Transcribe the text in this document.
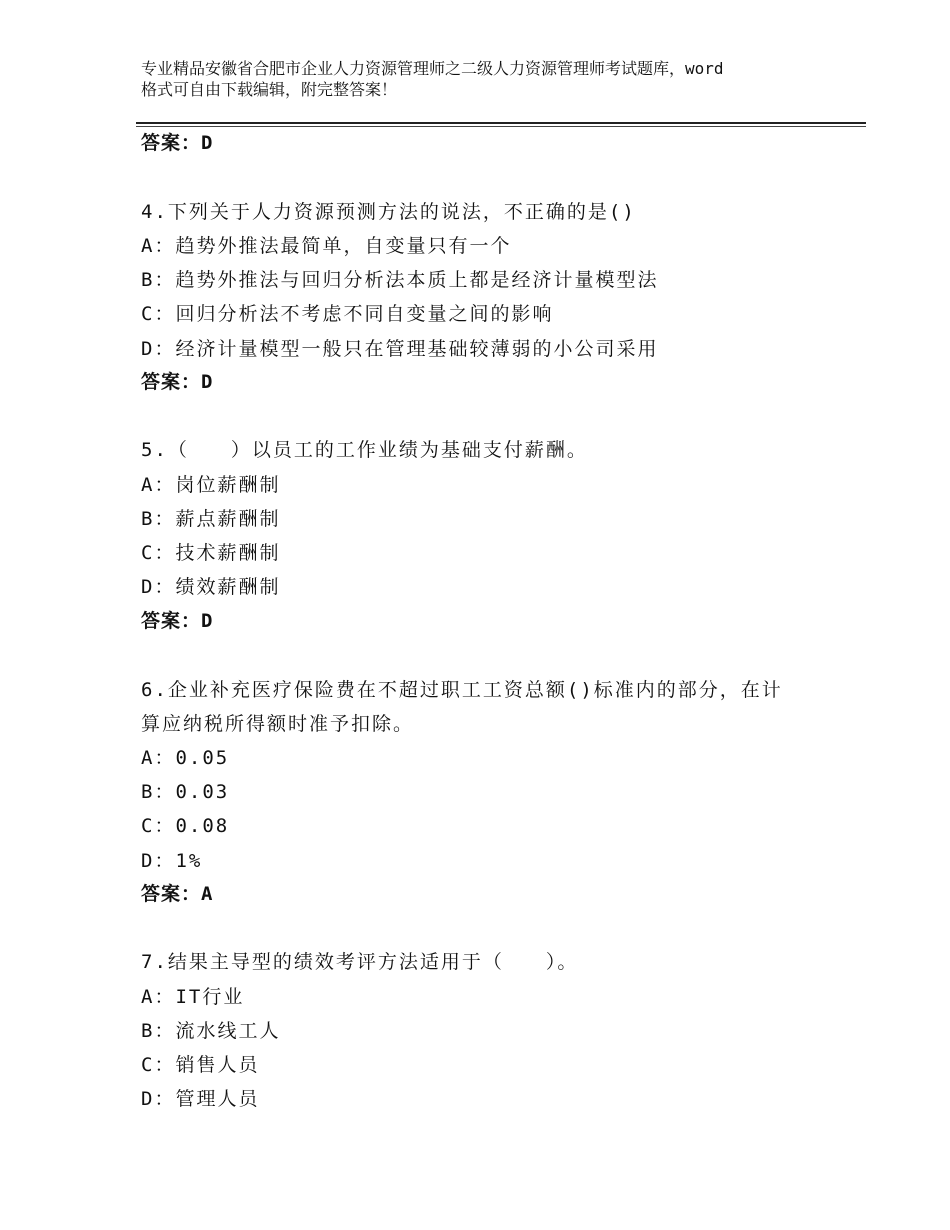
专业精品安徽省合肥市企业人力资源管理师之二级人力资源管理师考试题库，word
格式可自由下载编辑，附完整答案！
答案：D
4.下列关于人力资源预测方法的说法，不正确的是()
A：趋势外推法最简单，自变量只有一个
B：趋势外推法与回归分析法本质上都是经济计量模型法
C：回归分析法不考虑不同自变量之间的影响
D：经济计量模型一般只在管理基础较薄弱的小公司采用
答案：D
5.（　　）以员工的工作业绩为基础支付薪酬。
A：岗位薪酬制
B：薪点薪酬制
C：技术薪酬制
D：绩效薪酬制
答案：D
6.企业补充医疗保险费在不超过职工工资总额()标准内的部分，在计
算应纳税所得额时准予扣除。
A：0.05
B：0.03
C：0.08
D：1%
答案：A
7.结果主导型的绩效考评方法适用于（　　）。
A：IT行业
B：流水线工人
C：销售人员
D：管理人员
